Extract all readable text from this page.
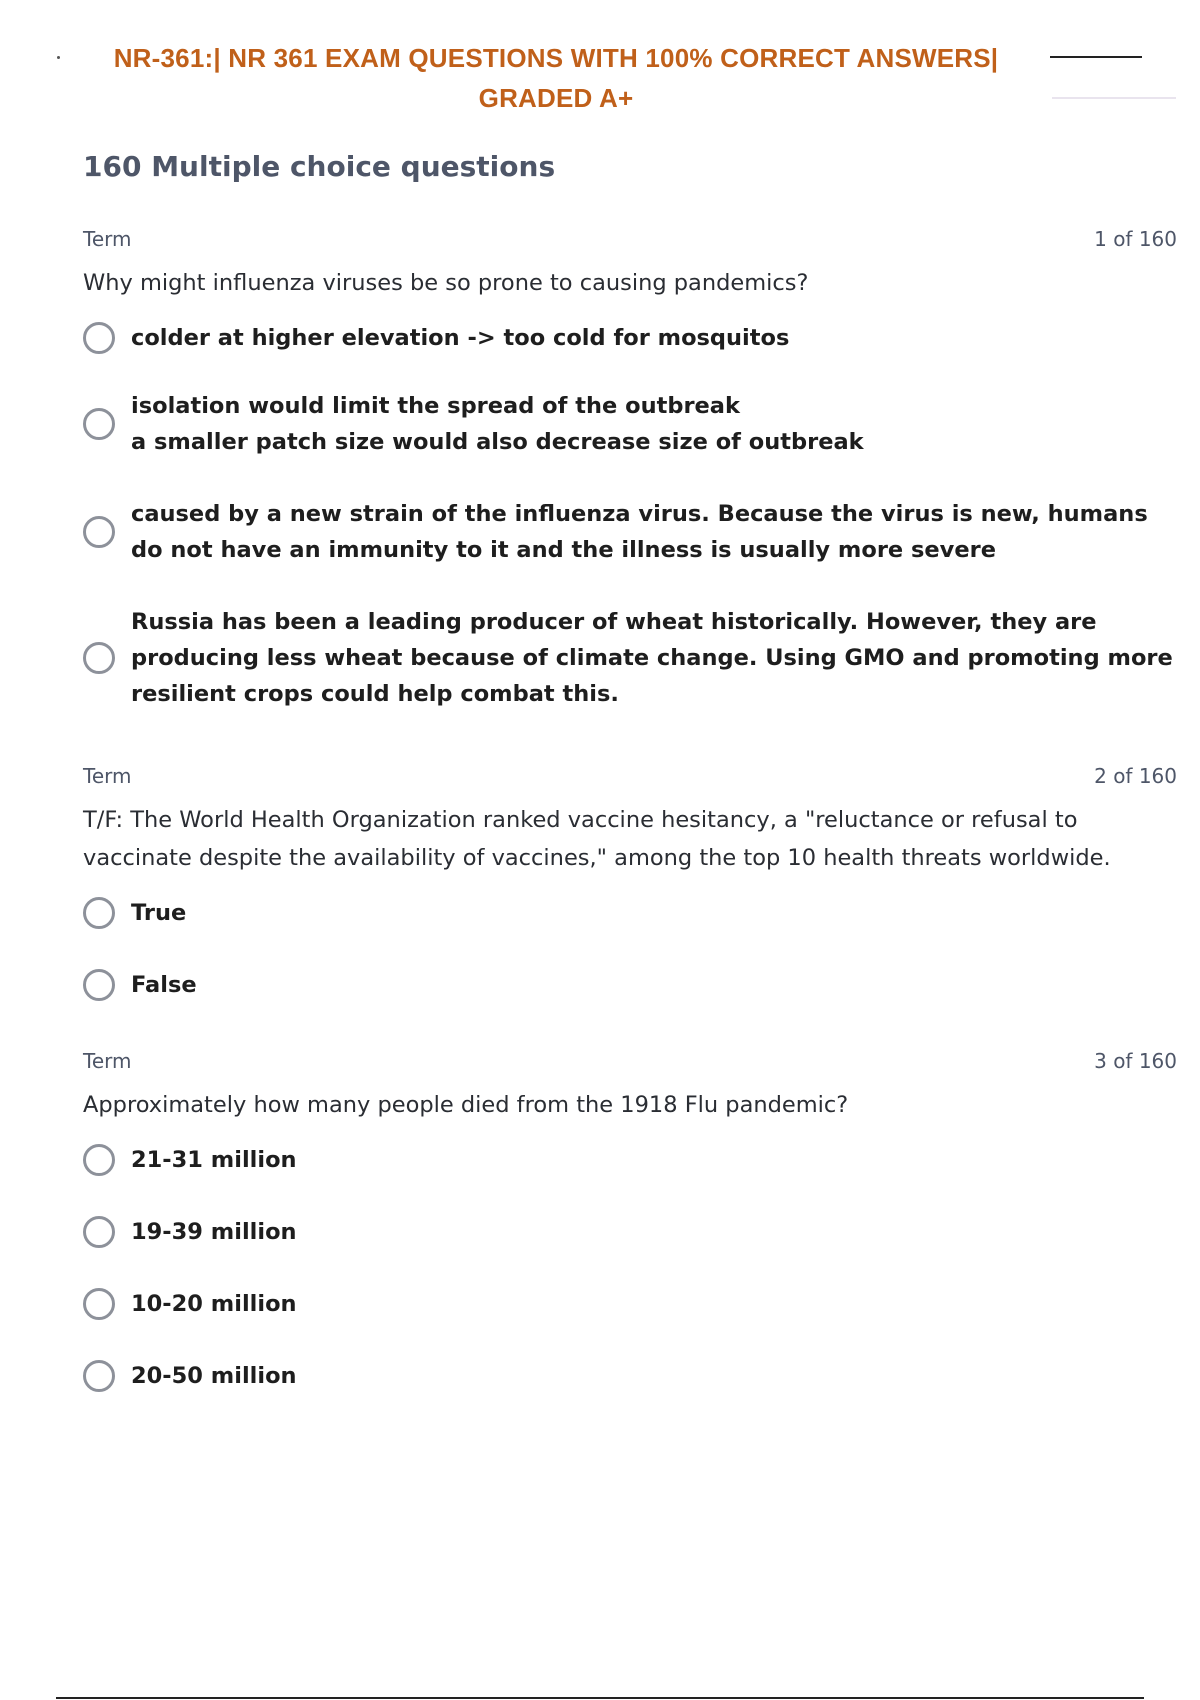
NR-361:| NR 361 EXAM QUESTIONS WITH 100% CORRECT ANSWERS|
GRADED A+
160 Multiple choice questions
Term	1 of 160
Why might influenza viruses be so prone to causing pandemics?
colder at higher elevation -> too cold for mosquitos
isolation would limit the spread of the outbreak
a smaller patch size would also decrease size of outbreak
caused by a new strain of the influenza virus. Because the virus is new, humans do not have an immunity to it and the illness is usually more severe
Russia has been a leading producer of wheat historically. However, they are producing less wheat because of climate change. Using GMO and promoting more resilient crops could help combat this.
Term	2 of 160
T/F: The World Health Organization ranked vaccine hesitancy, a "reluctance or refusal to vaccinate despite the availability of vaccines," among the top 10 health threats worldwide.
True
False
Term	3 of 160
Approximately how many people died from the 1918 Flu pandemic?
21-31 million
19-39 million
10-20 million
20-50 million
